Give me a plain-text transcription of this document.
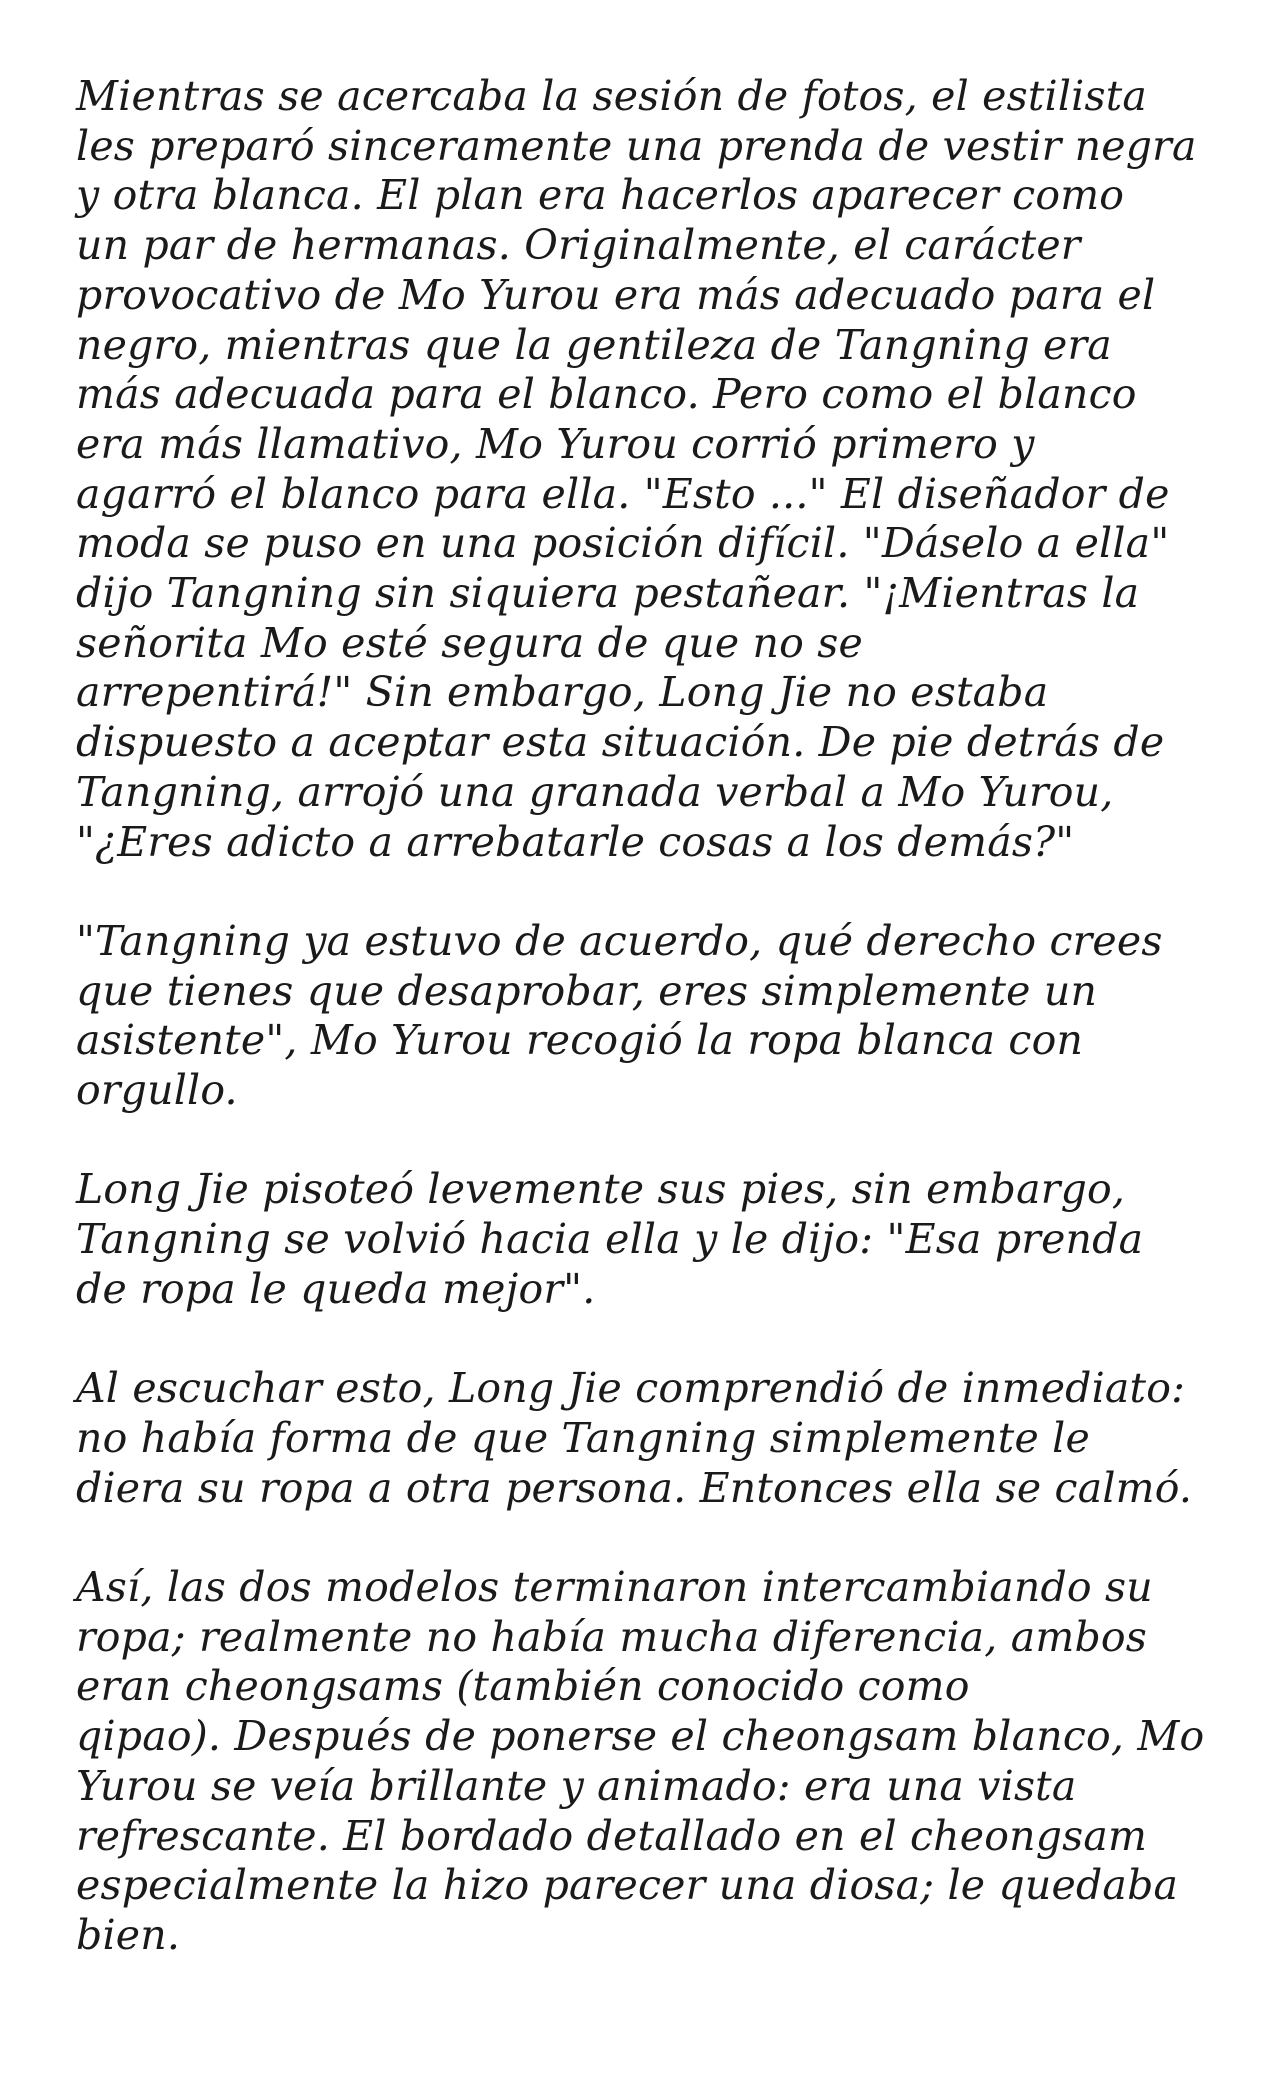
Mientras se acercaba la sesión de fotos, el estilista
les preparó sinceramente una prenda de vestir negra
y otra blanca. El plan era hacerlos aparecer como
un par de hermanas. Originalmente, el carácter
provocativo de Mo Yurou era más adecuado para el
negro, mientras que la gentileza de Tangning era
más adecuada para el blanco. Pero como el blanco
era más llamativo, Mo Yurou corrió primero y
agarró el blanco para ella. "Esto ..." El diseñador de
moda se puso en una posición difícil. "Dáselo a ella"
dijo Tangning sin siquiera pestañear. "¡Mientras la
señorita Mo esté segura de que no se
arrepentirá!" Sin embargo, Long Jie no estaba
dispuesto a aceptar esta situación. De pie detrás de
Tangning, arrojó una granada verbal a Mo Yurou,
"¿Eres adicto a arrebatarle cosas a los demás?"

"Tangning ya estuvo de acuerdo, qué derecho crees
que tienes que desaprobar, eres simplemente un
asistente", Mo Yurou recogió la ropa blanca con
orgullo.

Long Jie pisoteó levemente sus pies, sin embargo,
Tangning se volvió hacia ella y le dijo: "Esa prenda
de ropa le queda mejor".

Al escuchar esto, Long Jie comprendió de inmediato:
no había forma de que Tangning simplemente le
diera su ropa a otra persona. Entonces ella se calmó.

Así, las dos modelos terminaron intercambiando su
ropa; realmente no había mucha diferencia, ambos
eran cheongsams (también conocido como
qipao). Después de ponerse el cheongsam blanco, Mo
Yurou se veía brillante y animado: era una vista
refrescante. El bordado detallado en el cheongsam
especialmente la hizo parecer una diosa; le quedaba
bien.
